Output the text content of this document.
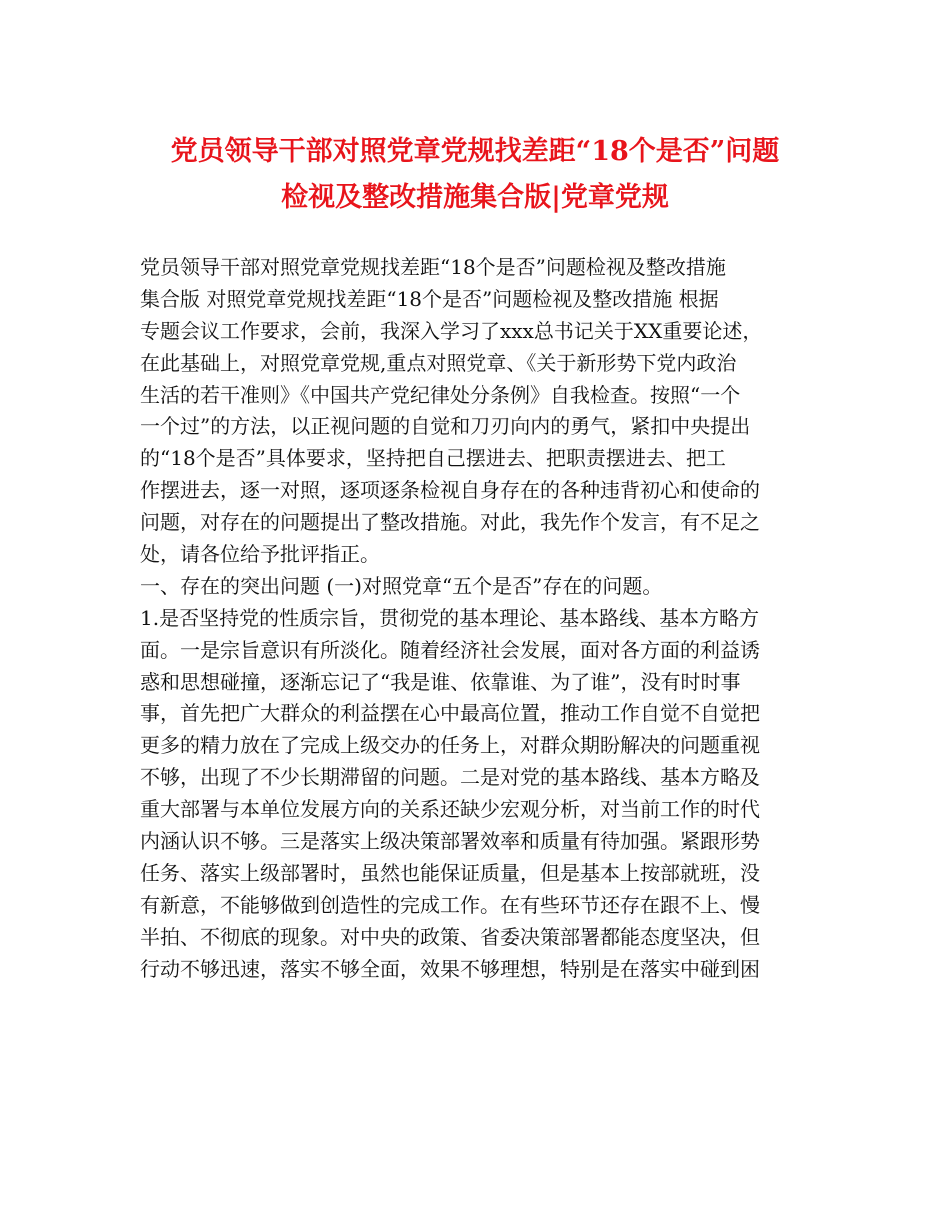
党员领导干部对照党章党规找差距“18个是否”问题
检视及整改措施集合版|党章党规
党员领导干部对照党章党规找差距“18个是否”问题检视及整改措施
集合版 对照党章党规找差距“18个是否”问题检视及整改措施 根据
专题会议工作要求，会前，我深入学习了xxx总书记关于XX重要论述，
在此基础上，对照党章党规,重点对照党章、《关于新形势下党内政治
生活的若干准则》《中国共产党纪律处分条例》自我检查。按照“一个
一个过”的方法，以正视问题的自觉和刀刃向内的勇气，紧扣中央提出
的“18个是否”具体要求，坚持把自己摆进去、把职责摆进去、把工
作摆进去，逐一对照，逐项逐条检视自身存在的各种违背初心和使命的
问题，对存在的问题提出了整改措施。对此，我先作个发言，有不足之
处，请各位给予批评指正。
一、存在的突出问题 (一)对照党章“五个是否”存在的问题。
1.是否坚持党的性质宗旨，贯彻党的基本理论、基本路线、基本方略方
面。一是宗旨意识有所淡化。随着经济社会发展，面对各方面的利益诱
惑和思想碰撞，逐渐忘记了“我是谁、依靠谁、为了谁”，没有时时事
事，首先把广大群众的利益摆在心中最高位置，推动工作自觉不自觉把
更多的精力放在了完成上级交办的任务上，对群众期盼解决的问题重视
不够，出现了不少长期滞留的问题。二是对党的基本路线、基本方略及
重大部署与本单位发展方向的关系还缺少宏观分析，对当前工作的时代
内涵认识不够。三是落实上级决策部署效率和质量有待加强。紧跟形势
任务、落实上级部署时，虽然也能保证质量，但是基本上按部就班，没
有新意，不能够做到创造性的完成工作。在有些环节还存在跟不上、慢
半拍、不彻底的现象。对中央的政策、省委决策部署都能态度坚决，但
行动不够迅速，落实不够全面，效果不够理想，特别是在落实中碰到困
